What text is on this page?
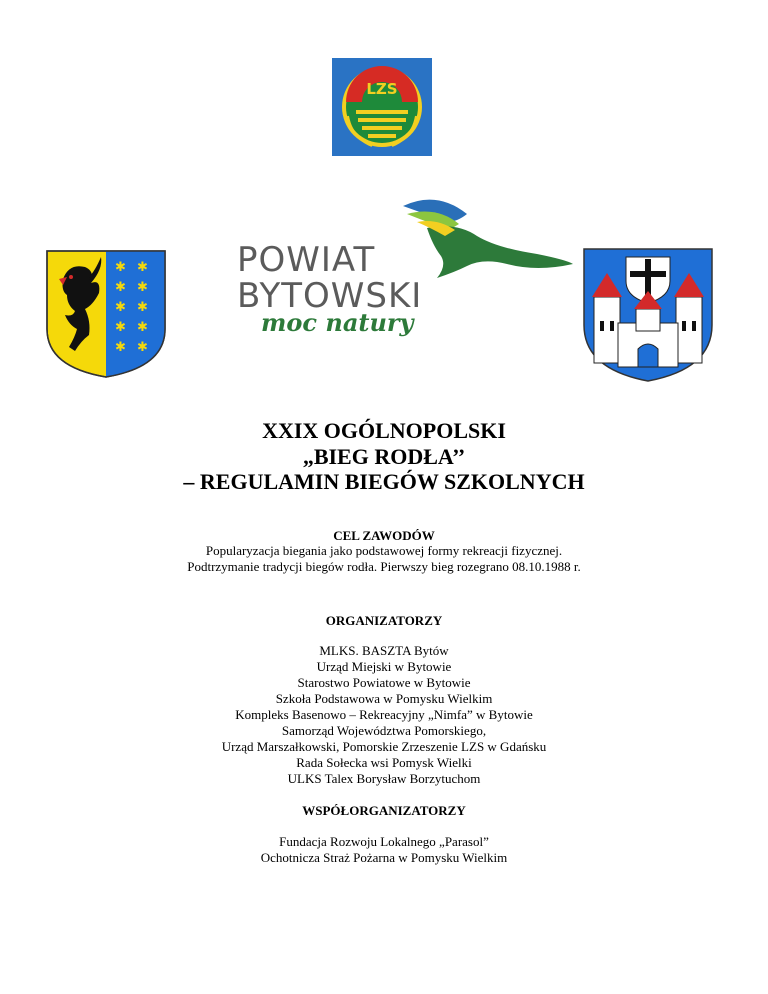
LZS
✱ ✱
✱ ✱
✱ ✱
✱ ✱
✱ ✱
POWIAT
BYTOWSKI
moc natury
XXIX OGÓLNOPOLSKI
„BIEG RODŁA’’
– REGULAMIN BIEGÓW SZKOLNYCH
CEL ZAWODÓW
Popularyzacja biegania jako podstawowej formy rekreacji fizycznej.
Podtrzymanie tradycji biegów rodła. Pierwszy bieg rozegrano 08.10.1988 r.
ORGANIZATORZY
MLKS. BASZTA Bytów
Urząd Miejski w Bytowie
Starostwo Powiatowe w Bytowie
Szkoła Podstawowa w Pomysku Wielkim
Kompleks Basenowo – Rekreacyjny „Nimfa” w Bytowie
Samorząd Województwa Pomorskiego,
Urząd Marszałkowski, Pomorskie Zrzeszenie LZS w Gdańsku
Rada Sołecka wsi Pomysk Wielki
ULKS Talex Borysław Borzytuchom
WSPÓŁORGANIZATORZY
Fundacja Rozwoju Lokalnego „Parasol”
Ochotnicza Straż Pożarna w Pomysku Wielkim
